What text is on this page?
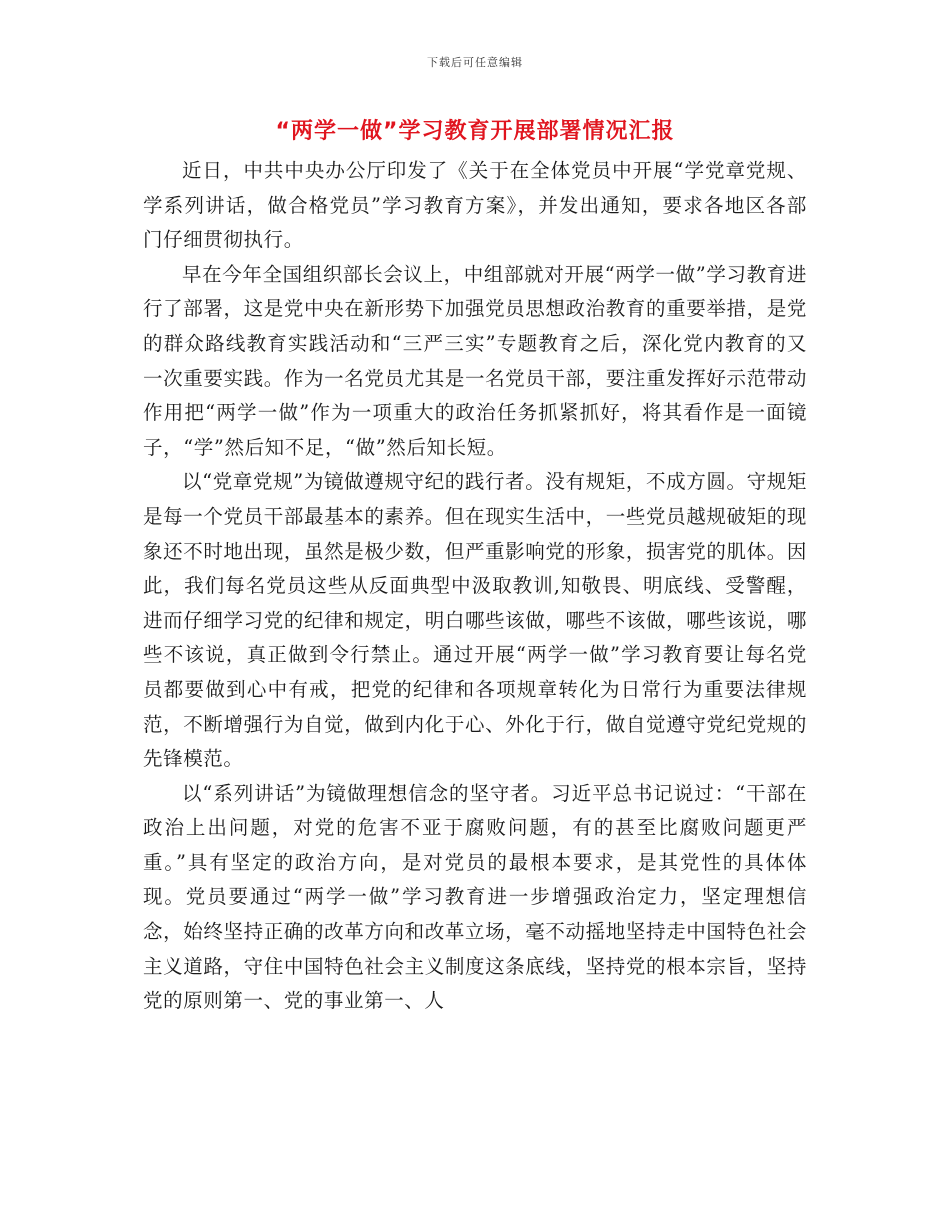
下载后可任意编辑
“两学一做”学习教育开展部署情况汇报

近日，中共中央办公厅印发了《关于在全体党员中开展“学党章党规、学系列讲话，做合格党员”学习教育方案》，并发出通知，要求各地区各部门仔细贯彻执行。

早在今年全国组织部长会议上，中组部就对开展“两学一做”学习教育进行了部署，这是党中央在新形势下加强党员思想政治教育的重要举措，是党的群众路线教育实践活动和“三严三实”专题教育之后，深化党内教育的又一次重要实践。作为一名党员尤其是一名党员干部，要注重发挥好示范带动作用把“两学一做”作为一项重大的政治任务抓紧抓好，将其看作是一面镜子，“学”然后知不足，“做”然后知长短。

以“党章党规”为镜做遵规守纪的践行者。没有规矩，不成方圆。守规矩是每一个党员干部最基本的素养。但在现实生活中，一些党员越规破矩的现象还不时地出现，虽然是极少数，但严重影响党的形象，损害党的肌体。因此，我们每名党员这些从反面典型中汲取教训,知敬畏、明底线、受警醒，进而仔细学习党的纪律和规定，明白哪些该做，哪些不该做，哪些该说，哪些不该说，真正做到令行禁止。通过开展“两学一做”学习教育要让每名党员都要做到心中有戒，把党的纪律和各项规章转化为日常行为重要法律规范，不断增强行为自觉，做到内化于心、外化于行，做自觉遵守党纪党规的先锋模范。

以“系列讲话”为镜做理想信念的坚守者。习近平总书记说过：“干部在政治上出问题，对党的危害不亚于腐败问题，有的甚至比腐败问题更严重。”具有坚定的政治方向，是对党员的最根本要求，是其党性的具体体现。党员要通过“两学一做”学习教育进一步增强政治定力，坚定理想信念，始终坚持正确的改革方向和改革立场，毫不动摇地坚持走中国特色社会主义道路，守住中国特色社会主义制度这条底线，坚持党的根本宗旨，坚持党的原则第一、党的事业第一、人
